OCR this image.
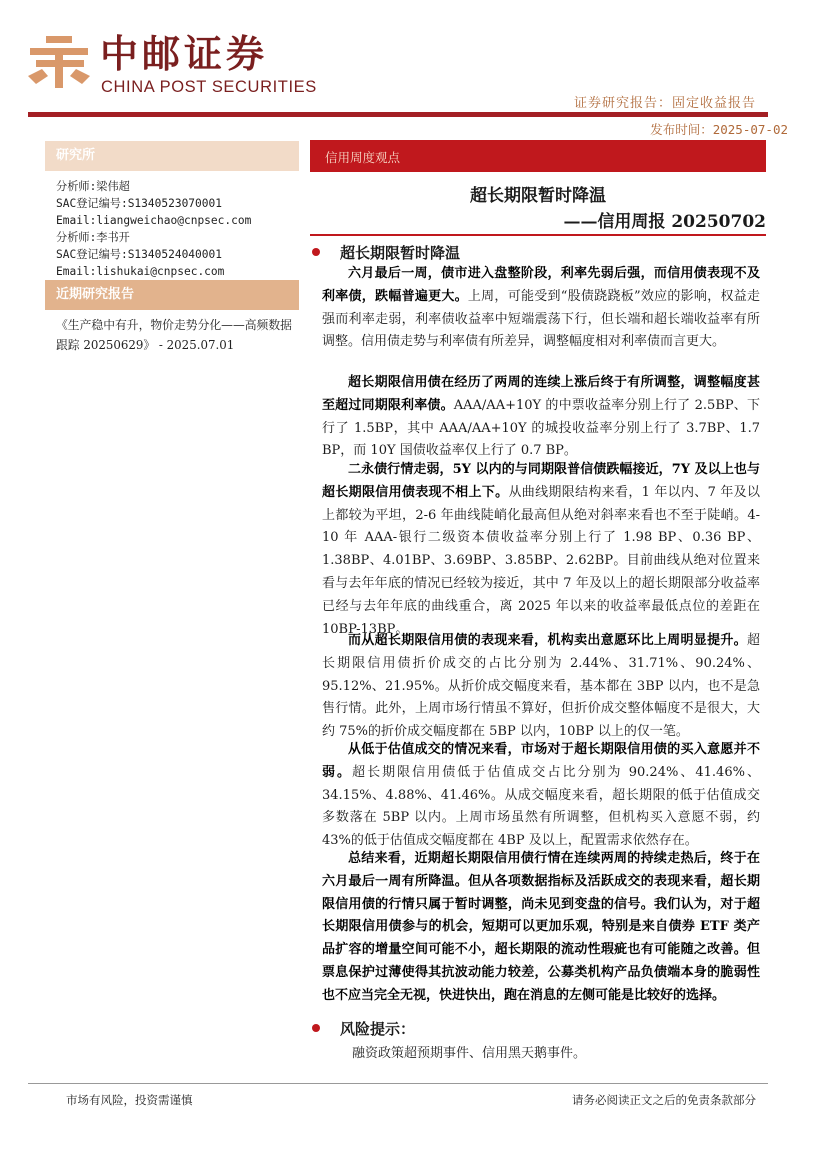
中邮证券
CHINA POST SECURITIES
证券研究报告：固定收益报告
发布时间：2025-07-02
研究所
分析师:梁伟超
SAC登记编号:S1340523070001
Email:liangweichao@cnpsec.com
分析师:李书开
SAC登记编号:S1340524040001
Email:lishukai@cnpsec.com
近期研究报告
《生产稳中有升，物价走势分化——高频数据跟踪 20250629》 - 2025.07.01
信用周度观点
超长期限暂时降温
——信用周报 20250702
超长期限暂时降温
六月最后一周，债市进入盘整阶段，利率先弱后强，而信用债表现不及利率债，跌幅普遍更大。上周，可能受到“股债跷跷板”效应的影响，权益走强而利率走弱，利率债收益率中短端震荡下行，但长端和超长端收益率有所调整。信用债走势与利率债有所差异，调整幅度相对利率债而言更大。
超长期限信用债在经历了两周的连续上涨后终于有所调整，调整幅度甚至超过同期限利率债。AAA/AA+10Y 的中票收益率分别上行了 2.5BP、下行了 1.5BP，其中 AAA/AA+10Y 的城投收益率分别上行了 3.7BP、1.7 BP，而 10Y 国债收益率仅上行了 0.7 BP。
二永债行情走弱，5Y 以内的与同期限普信债跌幅接近，7Y 及以上也与超长期限信用债表现不相上下。从曲线期限结构来看，1 年以内、7 年及以上都较为平坦，2-6 年曲线陡峭化最高但从绝对斜率来看也不至于陡峭。4-10 年 AAA-银行二级资本债收益率分别上行了 1.98 BP、0.36 BP、1.38BP、4.01BP、3.69BP、3.85BP、2.62BP。目前曲线从绝对位置来看与去年年底的情况已经较为接近，其中 7 年及以上的超长期限部分收益率已经与去年年底的曲线重合，离 2025 年以来的收益率最低点位的差距在 10BP-13BP。
而从超长期限信用债的表现来看，机构卖出意愿环比上周明显提升。超长期限信用债折价成交的占比分别为 2.44%、31.71%、90.24%、95.12%、21.95%。从折价成交幅度来看，基本都在 3BP 以内，也不是急售行情。此外，上周市场行情虽不算好，但折价成交整体幅度不是很大，大约 75%的折价成交幅度都在 5BP 以内，10BP 以上的仅一笔。
从低于估值成交的情况来看，市场对于超长期限信用债的买入意愿并不弱。超长期限信用债低于估值成交占比分别为 90.24%、41.46%、34.15%、4.88%、41.46%。从成交幅度来看，超长期限的低于估值成交多数落在 5BP 以内。上周市场虽然有所调整，但机构买入意愿不弱，约 43%的低于估值成交幅度都在 4BP 及以上，配置需求依然存在。
总结来看，近期超长期限信用债行情在连续两周的持续走热后，终于在六月最后一周有所降温。但从各项数据指标及活跃成交的表现来看，超长期限信用债的行情只属于暂时调整，尚未见到变盘的信号。我们认为，对于超长期限信用债参与的机会，短期可以更加乐观，特别是来自债券 ETF 类产品扩容的增量空间可能不小，超长期限的流动性瑕疵也有可能随之改善。但票息保护过薄使得其抗波动能力较差，公募类机构产品负债端本身的脆弱性也不应当完全无视，快进快出，跑在消息的左侧可能是比较好的选择。
风险提示：
融资政策超预期事件、信用黑天鹅事件。
市场有风险，投资需谨慎	请务必阅读正文之后的免责条款部分
